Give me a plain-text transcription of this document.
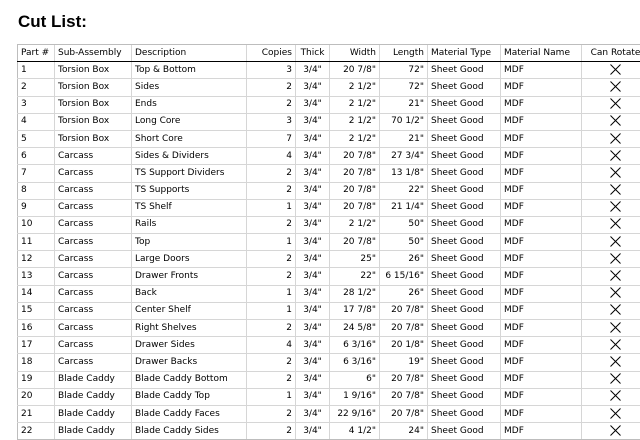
Cut List:
Part #	Sub-Assembly	Description	Copies	Thick	Width	Length	Material Type	Material Name	Can Rotate
1	Torsion Box	Top & Bottom	3	3/4"	20 7/8"	72"	Sheet Good	MDF	
2	Torsion Box	Sides	2	3/4"	2 1/2"	72"	Sheet Good	MDF	
3	Torsion Box	Ends	2	3/4"	2 1/2"	21"	Sheet Good	MDF	
4	Torsion Box	Long Core	3	3/4"	2 1/2"	70 1/2"	Sheet Good	MDF	
5	Torsion Box	Short Core	7	3/4"	2 1/2"	21"	Sheet Good	MDF	
6	Carcass	Sides & Dividers	4	3/4"	20 7/8"	27 3/4"	Sheet Good	MDF	
7	Carcass	TS Support Dividers	2	3/4"	20 7/8"	13 1/8"	Sheet Good	MDF	
8	Carcass	TS Supports	2	3/4"	20 7/8"	22"	Sheet Good	MDF	
9	Carcass	TS Shelf	1	3/4"	20 7/8"	21 1/4"	Sheet Good	MDF	
10	Carcass	Rails	2	3/4"	2 1/2"	50"	Sheet Good	MDF	
11	Carcass	Top	1	3/4"	20 7/8"	50"	Sheet Good	MDF	
12	Carcass	Large Doors	2	3/4"	25"	26"	Sheet Good	MDF	
13	Carcass	Drawer Fronts	2	3/4"	22"	6 15/16"	Sheet Good	MDF	
14	Carcass	Back	1	3/4"	28 1/2"	26"	Sheet Good	MDF	
15	Carcass	Center Shelf	1	3/4"	17 7/8"	20 7/8"	Sheet Good	MDF	
16	Carcass	Right Shelves	2	3/4"	24 5/8"	20 7/8"	Sheet Good	MDF	
17	Carcass	Drawer Sides	4	3/4"	6 3/16"	20 1/8"	Sheet Good	MDF	
18	Carcass	Drawer Backs	2	3/4"	6 3/16"	19"	Sheet Good	MDF	
19	Blade Caddy	Blade Caddy Bottom	2	3/4"	6"	20 7/8"	Sheet Good	MDF	
20	Blade Caddy	Blade Caddy Top	1	3/4"	1 9/16"	20 7/8"	Sheet Good	MDF	
21	Blade Caddy	Blade Caddy Faces	2	3/4"	22 9/16"	20 7/8"	Sheet Good	MDF	
22	Blade Caddy	Blade Caddy Sides	2	3/4"	4 1/2"	24"	Sheet Good	MDF	
